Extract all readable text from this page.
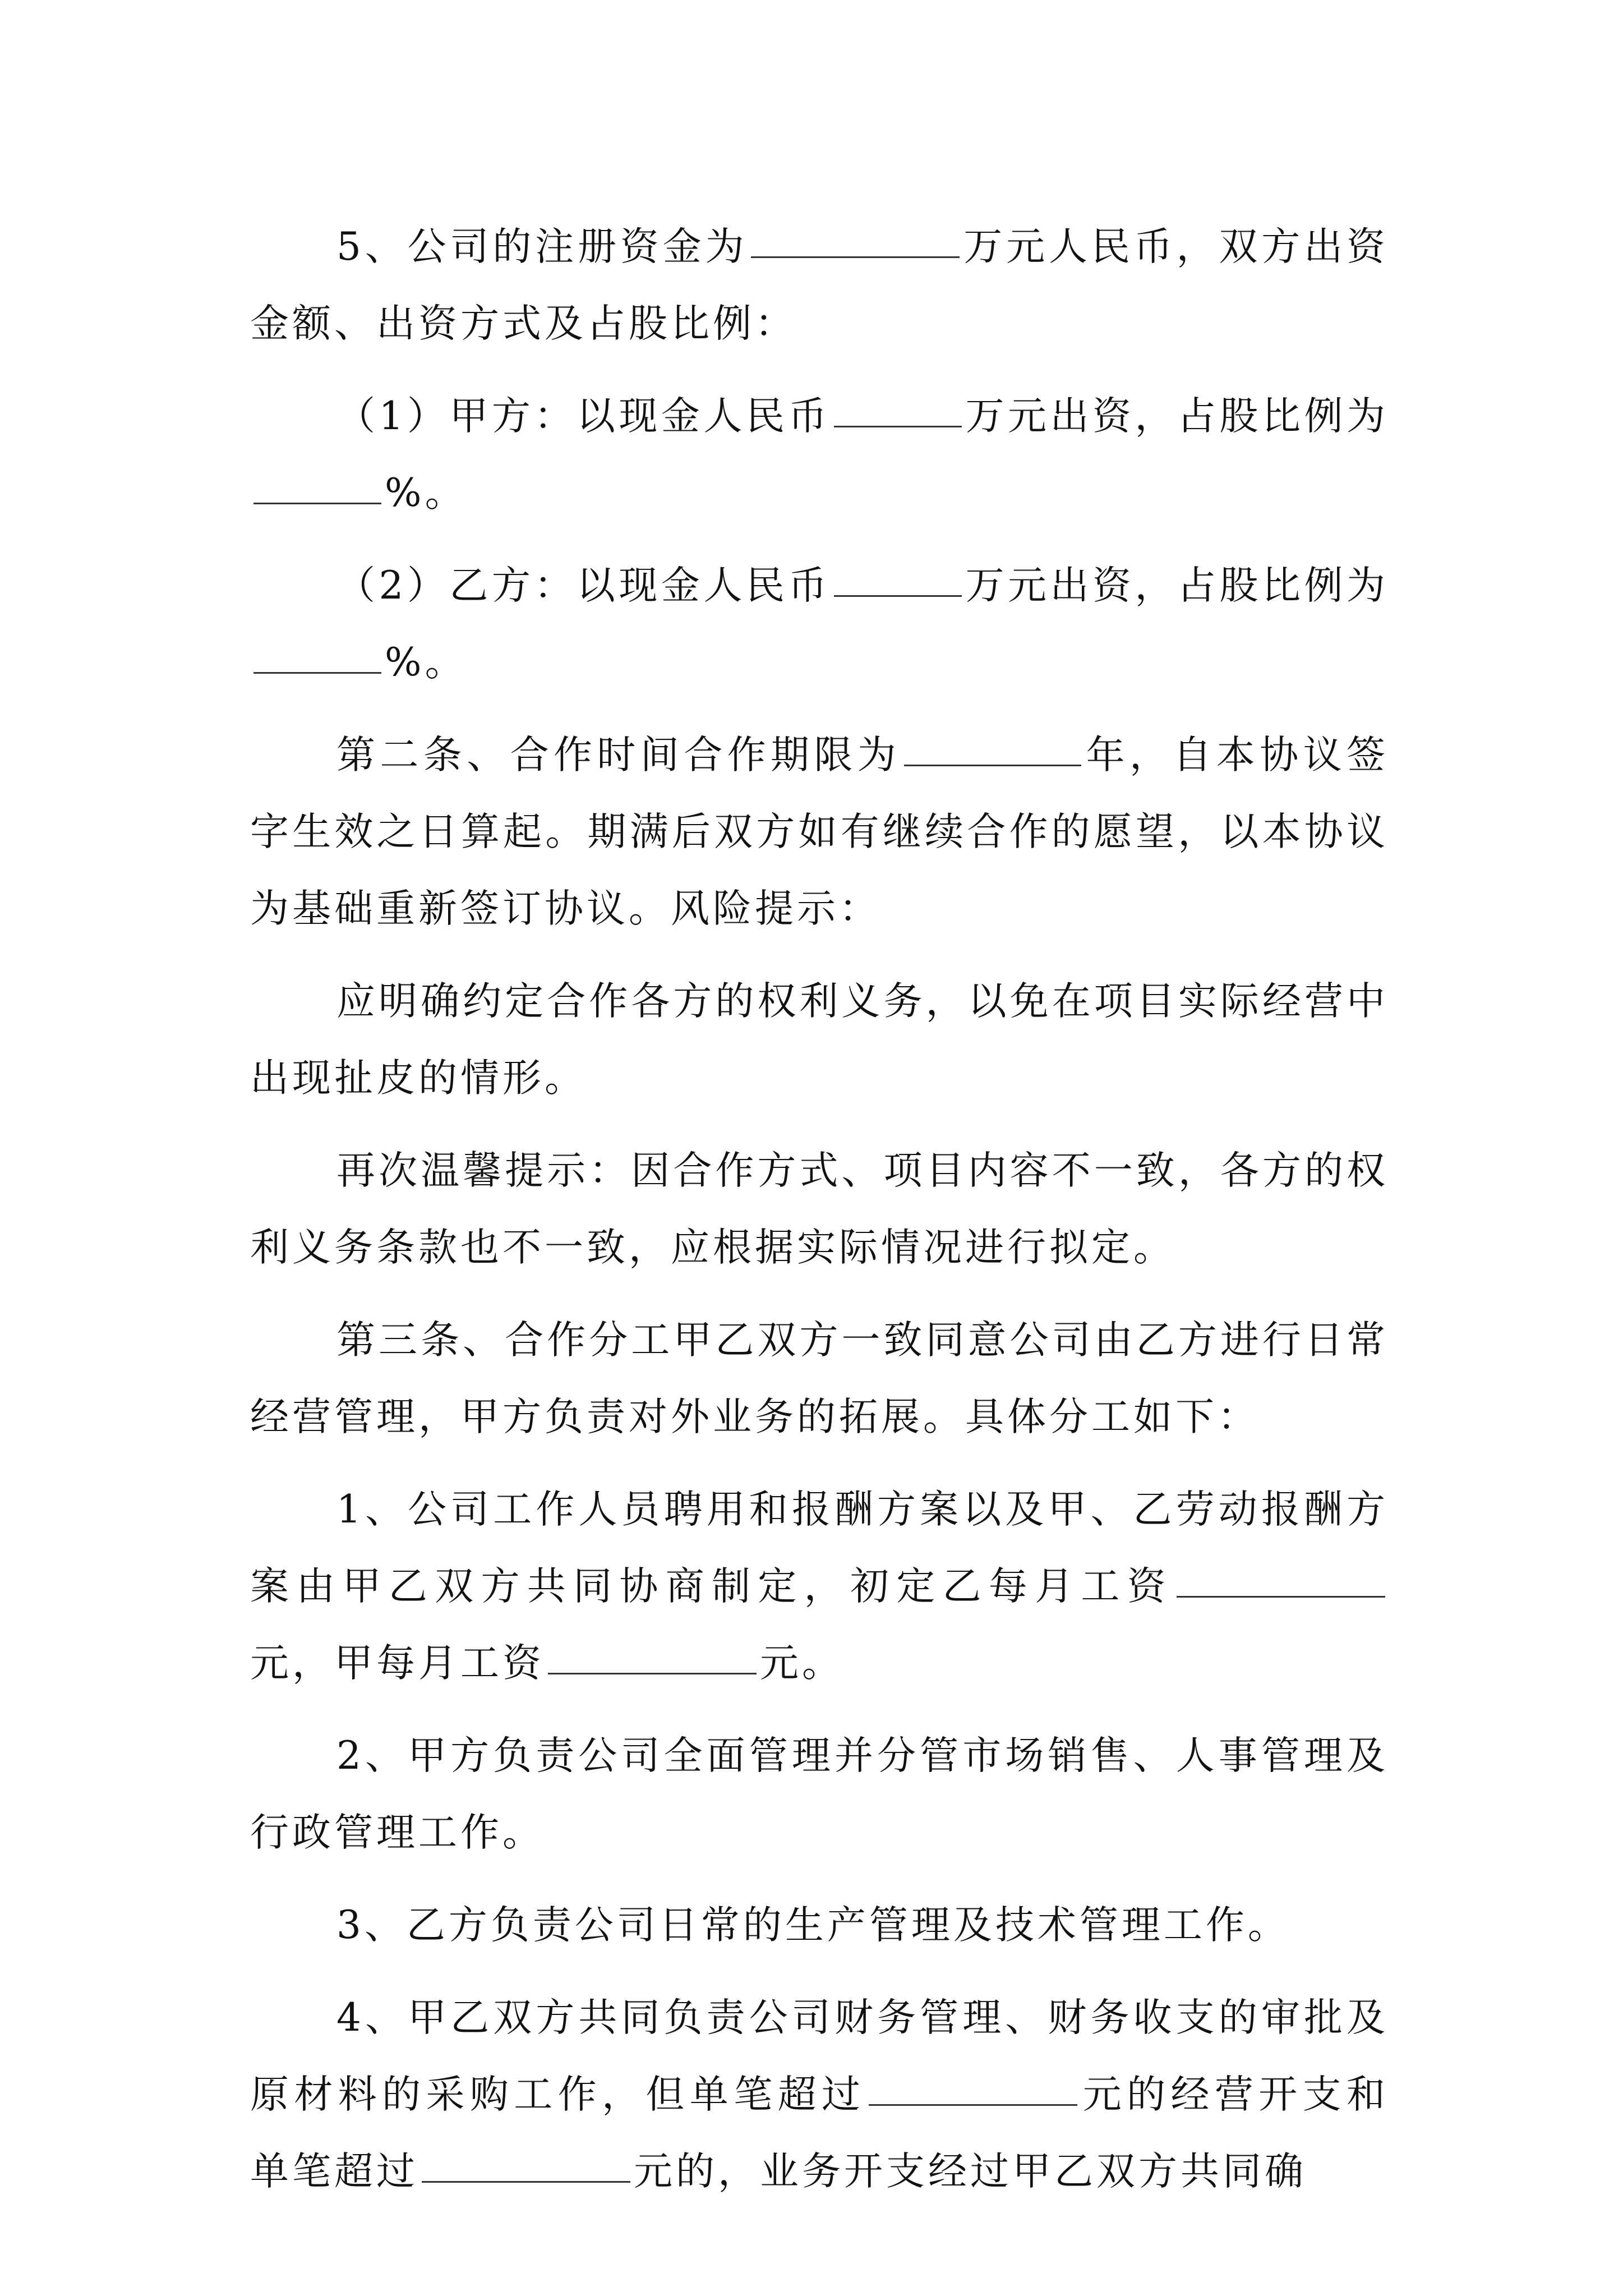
5、公司的注册资金为	万元人民币，双方出资金额、出资方式及占股比例：

（1）甲方：以现金人民币	万元出资，占股比例为%。

（2）乙方：以现金人民币	万元出资，占股比例为%。

第二条、合作时间合作期限为	年，自本协议签字生效之日算起。期满后双方如有继续合作的愿望，以本协议为基础重新签订协议。风险提示：

应明确约定合作各方的权利义务，以免在项目实际经营中出现扯皮的情形。

再次温馨提示：因合作方式、项目内容不一致，各方的权利义务条款也不一致，应根据实际情况进行拟定。

第三条、合作分工甲乙双方一致同意公司由乙方进行日常经营管理，甲方负责对外业务的拓展。具体分工如下：

1、公司工作人员聘用和报酬方案以及甲、乙劳动报酬方案由甲乙双方共同协商制定，初定乙每月工资元，甲每月工资	元。

2、甲方负责公司全面管理并分管市场销售、人事管理及行政管理工作。

3、乙方负责公司日常的生产管理及技术管理工作。

4、甲乙双方共同负责公司财务管理、财务收支的审批及原材料的采购工作，但单笔超过	元的经营开支和单笔超过	元的，业务开支经过甲乙双方共同确
